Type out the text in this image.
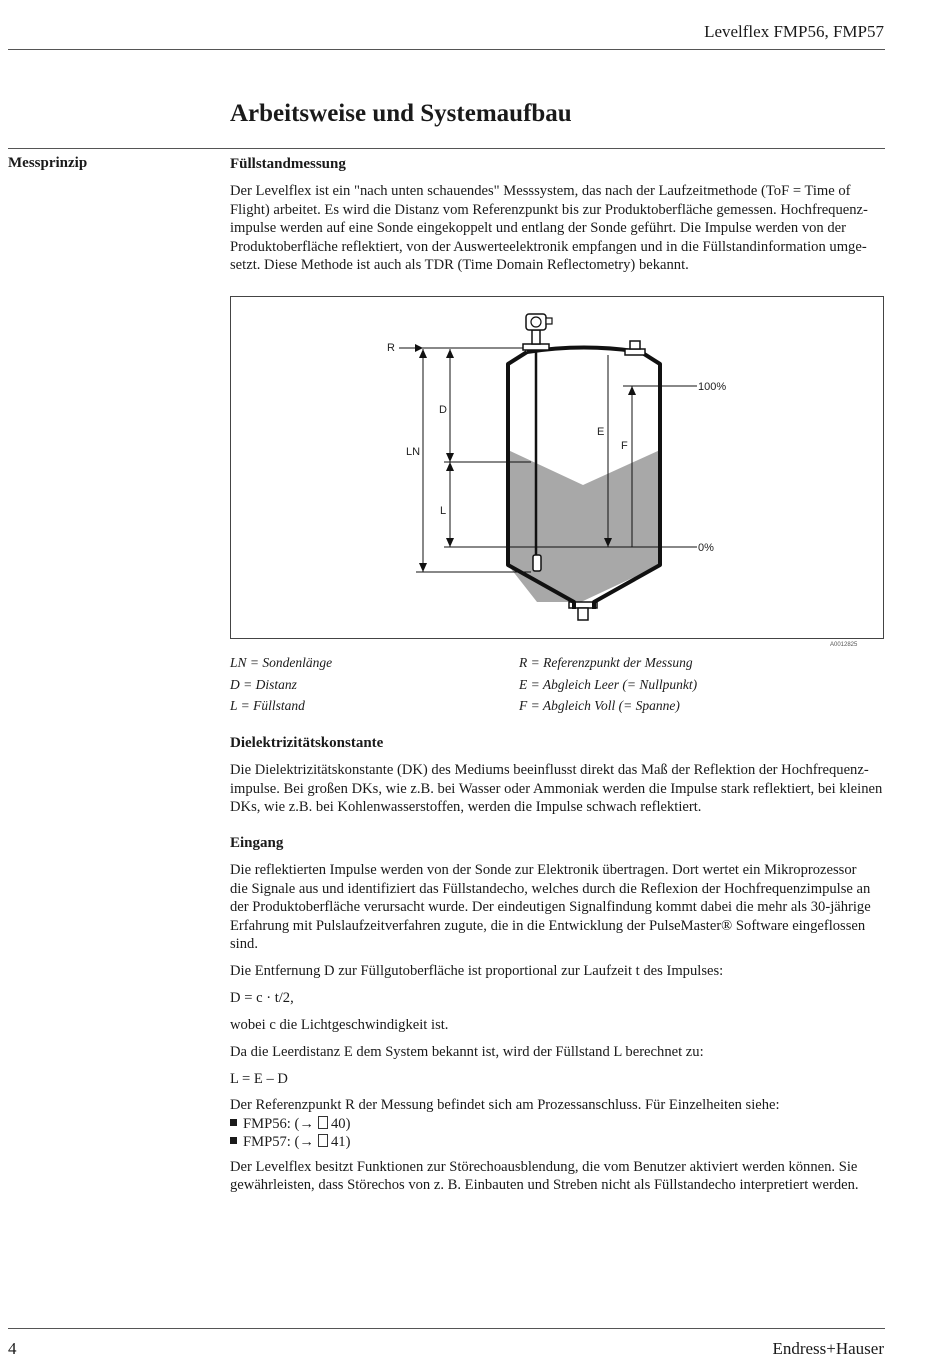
Levelflex FMP56, FMP57
Arbeitsweise und Systemaufbau
Messprinzip	Füllstandmessung
Der Levelflex ist ein "nach unten schauendes" Messsystem, das nach der Laufzeitmethode (ToF = Time of
Flight) arbeitet. Es wird die Distanz vom Referenzpunkt bis zur Produktoberfläche gemessen. Hochfrequenz-
impulse werden auf eine Sonde eingekoppelt und entlang der Sonde geführt. Die Impulse werden von der
Produktoberfläche reflektiert, von der Auswerteelektronik empfangen und in die Füllstandinformation umge-
setzt. Diese Methode ist auch als TDR (Time Domain Reflectometry) bekannt.
R
D
LN
L
E
F
100%
0%
A0012825
LN = Sondenlänge
D = Distanz
L = Füllstand
R = Referenzpunkt der Messung
E = Abgleich Leer (= Nullpunkt)
F = Abgleich Voll (= Spanne)
Dielektrizitätskonstante
Die Dielektrizitätskonstante (DK) des Mediums beeinflusst direkt das Maß der Reflektion der Hochfrequenz-
impulse. Bei großen DKs, wie z.B. bei Wasser oder Ammoniak werden die Impulse stark reflektiert, bei kleinen
DKs, wie z.B. bei Kohlenwasserstoffen, werden die Impulse schwach reflektiert.
Eingang
Die reflektierten Impulse werden von der Sonde zur Elektronik übertragen. Dort wertet ein Mikroprozessor
die Signale aus und identifiziert das Füllstandecho, welches durch die Reflexion der Hochfrequenzimpulse an
der Produktoberfläche verursacht wurde. Der eindeutigen Signalfindung kommt dabei die mehr als 30-jährige
Erfahrung mit Pulslaufzeitverfahren zugute, die in die Entwicklung der PulseMaster® Software eingeflossen
sind.
Die Entfernung D zur Füllgutoberfläche ist proportional zur Laufzeit t des Impulses:
D = c · t/2,
wobei c die Lichtgeschwindigkeit ist.
Da die Leerdistanz E dem System bekannt ist, wird der Füllstand L berechnet zu:
L = E – D
Der Referenzpunkt R der Messung befindet sich am Prozessanschluss. Für Einzelheiten siehe:
FMP56: (→ 40)
FMP57: (→ 41)
Der Levelflex besitzt Funktionen zur Störechoausblendung, die vom Benutzer aktiviert werden können. Sie
gewährleisten, dass Störechos von z. B. Einbauten und Streben nicht als Füllstandecho interpretiert werden.
4	Endress+Hauser
